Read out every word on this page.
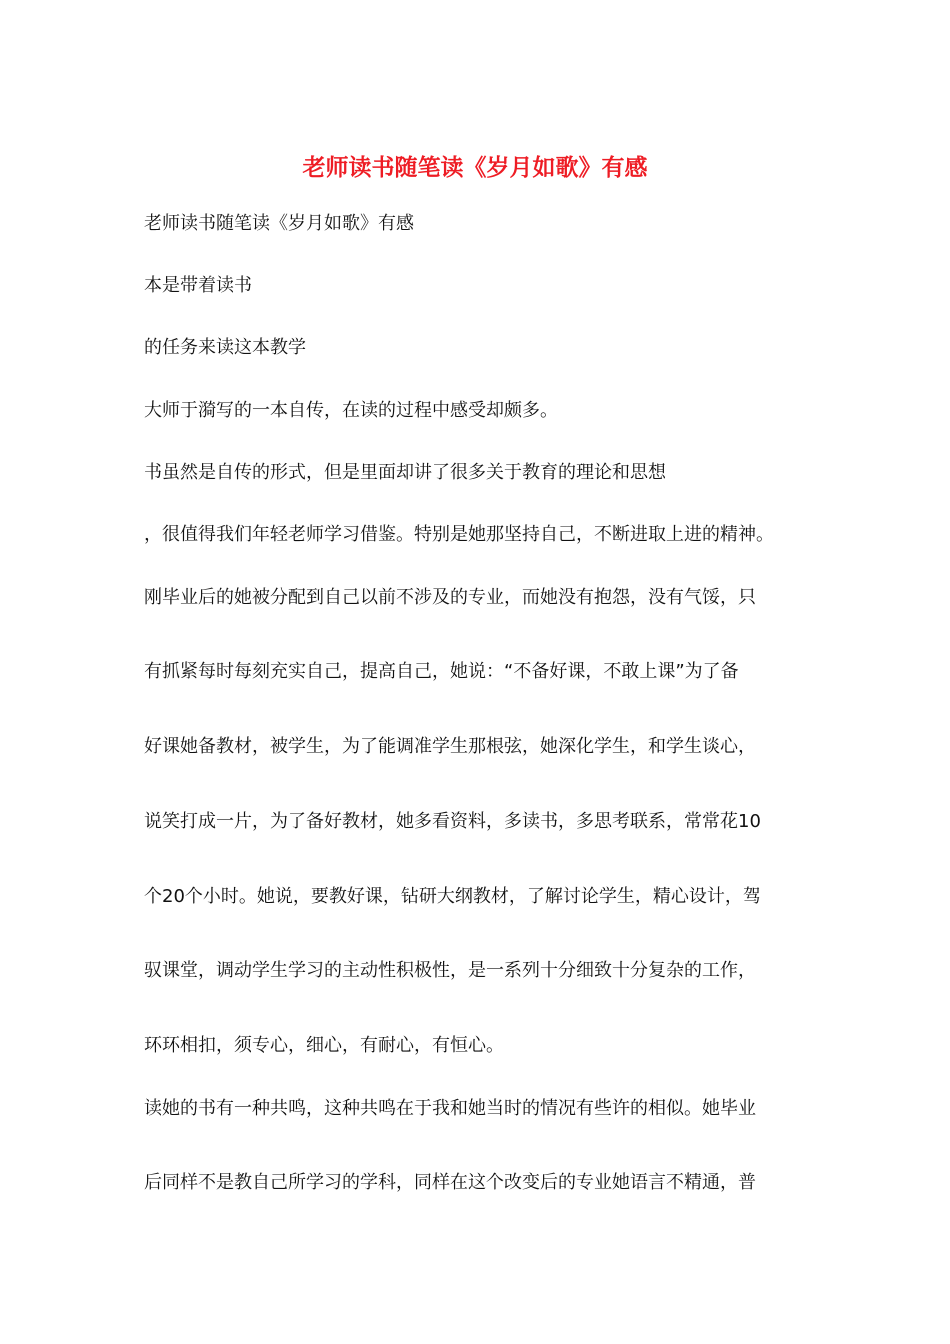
老师读书随笔读《岁月如歌》有感
老师读书随笔读《岁月如歌》有感
本是带着读书
的任务来读这本教学
大师于漪写的一本自传，在读的过程中感受却颇多。
书虽然是自传的形式，但是里面却讲了很多关于教育的理论和思想
，很值得我们年轻老师学习借鉴。特别是她那坚持自己，不断进取上进的精神。
刚毕业后的她被分配到自己以前不涉及的专业，而她没有抱怨，没有气馁，只
有抓紧每时每刻充实自己，提高自己，她说：“不备好课，不敢上课”为了备
好课她备教材，被学生，为了能调准学生那根弦，她深化学生，和学生谈心，
说笑打成一片，为了备好教材，她多看资料，多读书，多思考联系，常常花10
个20个小时。她说，要教好课，钻研大纲教材，了解讨论学生，精心设计，驾
驭课堂，调动学生学习的主动性积极性，是一系列十分细致十分复杂的工作，
环环相扣，须专心，细心，有耐心，有恒心。
读她的书有一种共鸣，这种共鸣在于我和她当时的情况有些许的相似。她毕业
后同样不是教自己所学习的学科，同样在这个改变后的专业她语言不精通，普
